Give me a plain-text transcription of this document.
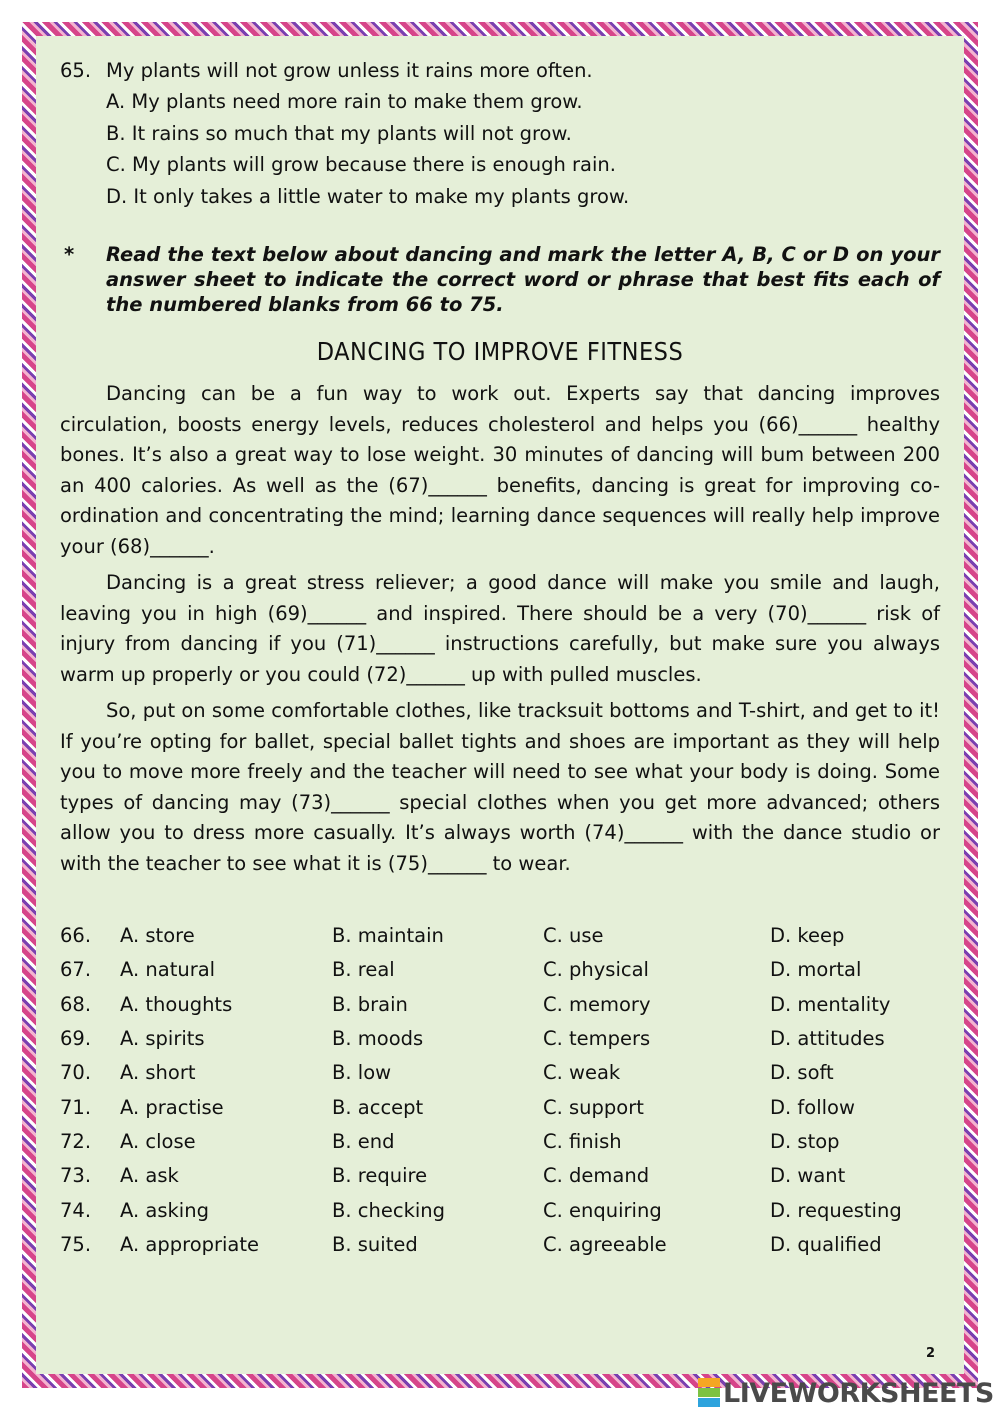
65. My plants will not grow unless it rains more often.
A. My plants need more rain to make them grow.
B. It rains so much that my plants will not grow.
C. My plants will grow because there is enough rain.
D. It only takes a little water to make my plants grow.
*	Read the text below about dancing and mark the letter A, B, C or D on your answer sheet to indicate the correct word or phrase that best fits each of the numbered blanks from 66 to 75.
DANCING TO IMPROVE FITNESS

Dancing can be a fun way to work out. Experts say that dancing improves circulation, boosts energy levels, reduces cholesterol and helps you (66)______ healthy bones. It’s also a great way to lose weight. 30 minutes of dancing will bum between 200 an 400 calories. As well as the (67)______ benefits, dancing is great for improving co-ordination and concentrating the mind; learning dance sequences will really help improve your (68)______.

Dancing is a great stress reliever; a good dance will make you smile and laugh, leaving you in high (69)______ and inspired. There should be a very (70)______ risk of injury from dancing if you (71)______ instructions carefully, but make sure you always warm up properly or you could (72)______ up with pulled muscles.

So, put on some comfortable clothes, like tracksuit bottoms and T-shirt, and get to it! If you’re opting for ballet, special ballet tights and shoes are important as they will help you to move more freely and the teacher will need to see what your body is doing. Some types of dancing may (73)______ special clothes when you get more advanced; others allow you to dress more casually. It’s always worth (74)______ with the dance studio or with the teacher to see what it is (75)______ to wear.

66.	A. store	B. maintain	C. use	D. keep
67.	A. natural	B. real	C. physical	D. mortal
68.	A. thoughts	B. brain	C. memory	D. mentality
69.	A. spirits	B. moods	C. tempers	D. attitudes
70.	A. short	B. low	C. weak	D. soft
71.	A. practise	B. accept	C. support	D. follow
72.	A. close	B. end	C. finish	D. stop
73.	A. ask	B. require	C. demand	D. want
74.	A. asking	B. checking	C. enquiring	D. requesting
75.	A. appropriate	B. suited	C. agreeable	D. qualified
2
LIVEWORKSHEETS
